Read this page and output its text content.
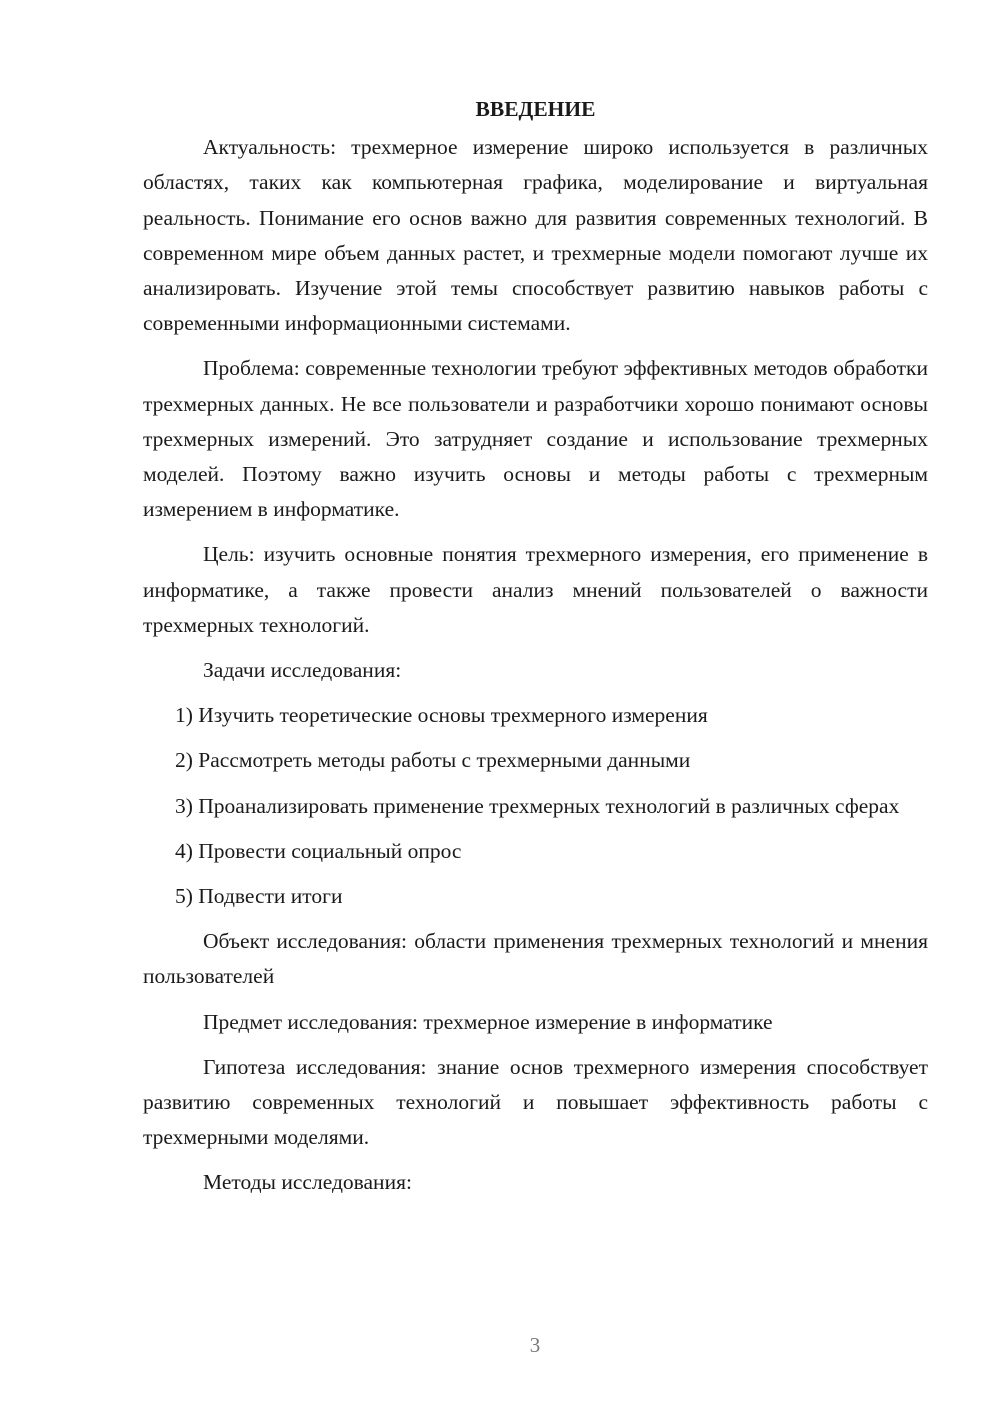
ВВЕДЕНИЕ
Актуальность: трехмерное измерение широко используется в различных областях, таких как компьютерная графика, моделирование и виртуальная реальность. Понимание его основ важно для развития современных технологий. В современном мире объем данных растет, и трехмерные модели помогают лучше их анализировать. Изучение этой темы способствует развитию навыков работы с современными информационными системами.
Проблема: современные технологии требуют эффективных методов обработки трехмерных данных. Не все пользователи и разработчики хорошо понимают основы трехмерных измерений. Это затрудняет создание и использование трехмерных моделей. Поэтому важно изучить основы и методы работы с трехмерным измерением в информатике.
Цель: изучить основные понятия трехмерного измерения, его применение в информатике, а также провести анализ мнений пользователей о важности трехмерных технологий.
Задачи исследования:
1) Изучить теоретические основы трехмерного измерения
2) Рассмотреть методы работы с трехмерными данными
3) Проанализировать применение трехмерных технологий в различных сферах
4) Провести социальный опрос
5) Подвести итоги
Объект исследования: области применения трехмерных технологий и мнения пользователей
Предмет исследования: трехмерное измерение в информатике
Гипотеза исследования: знание основ трехмерного измерения способствует развитию современных технологий и повышает эффективность работы с трехмерными моделями.
Методы исследования:
3
